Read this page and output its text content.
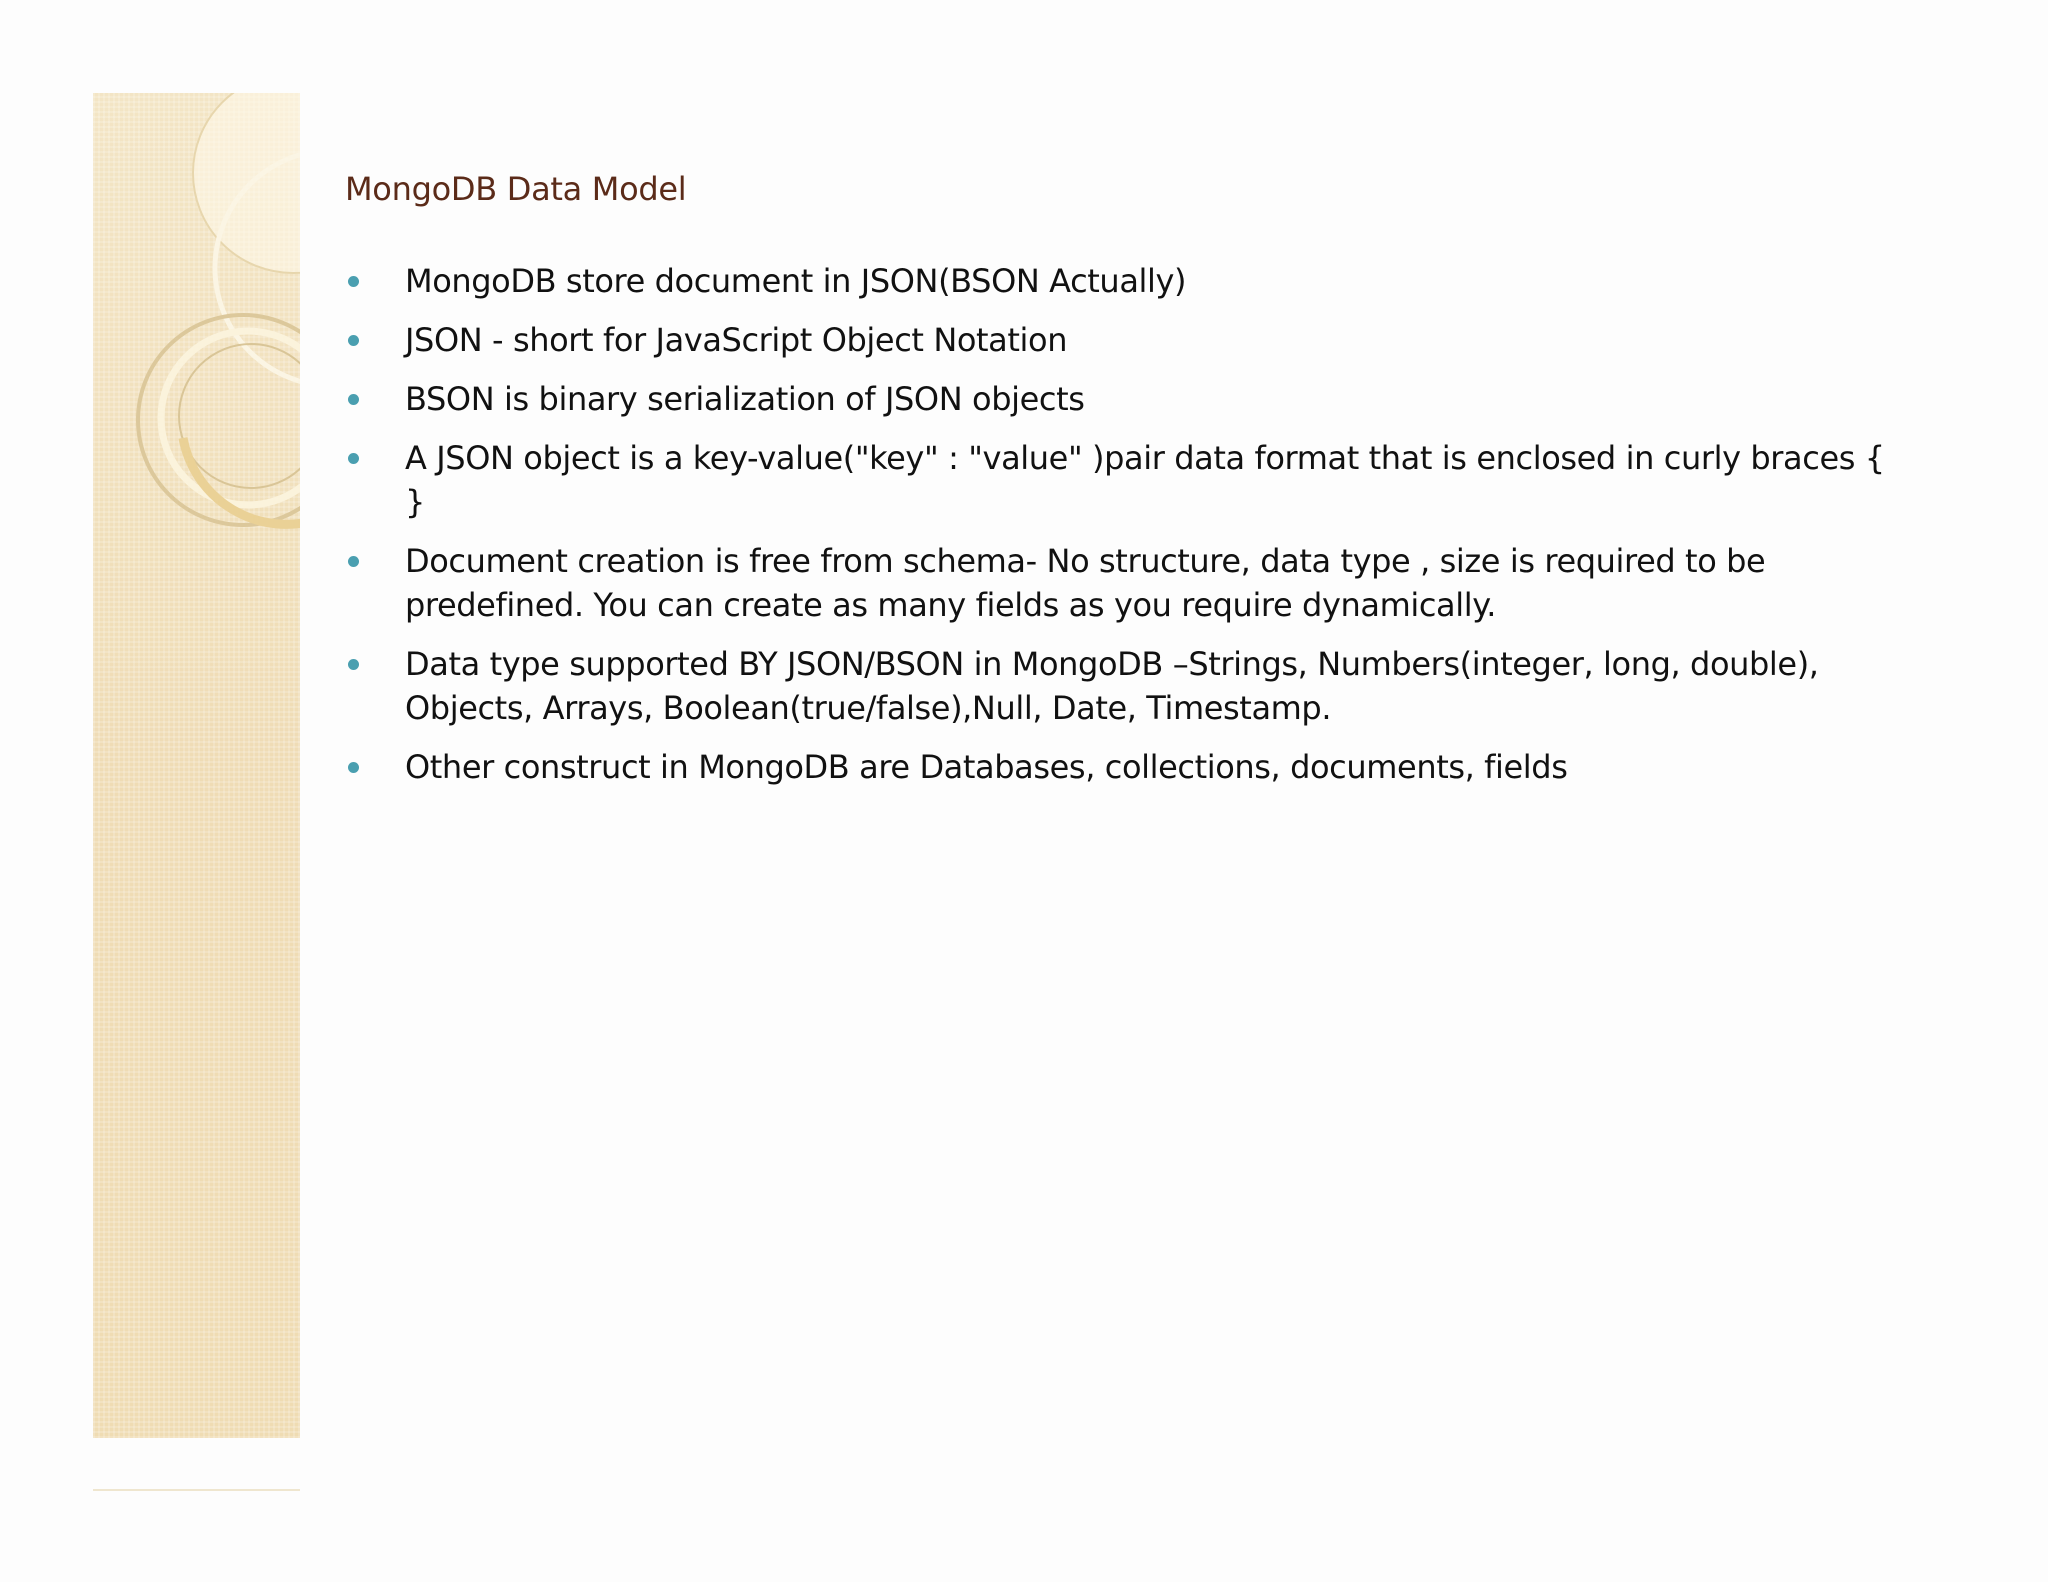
MongoDB Data Model
MongoDB store document in JSON(BSON Actually)
JSON - short for JavaScript Object Notation
BSON is binary serialization of JSON objects
A JSON object is a key-value("key" : "value" )pair data format that is enclosed in curly braces { }
Document creation is free from schema- No structure, data type , size is required to be predefined. You can create as many fields as you require dynamically.
Data type supported BY JSON/BSON in MongoDB –Strings, Numbers(integer, long, double), Objects, Arrays, Boolean(true/false),Null, Date, Timestamp.
Other construct in MongoDB are Databases, collections, documents, fields
